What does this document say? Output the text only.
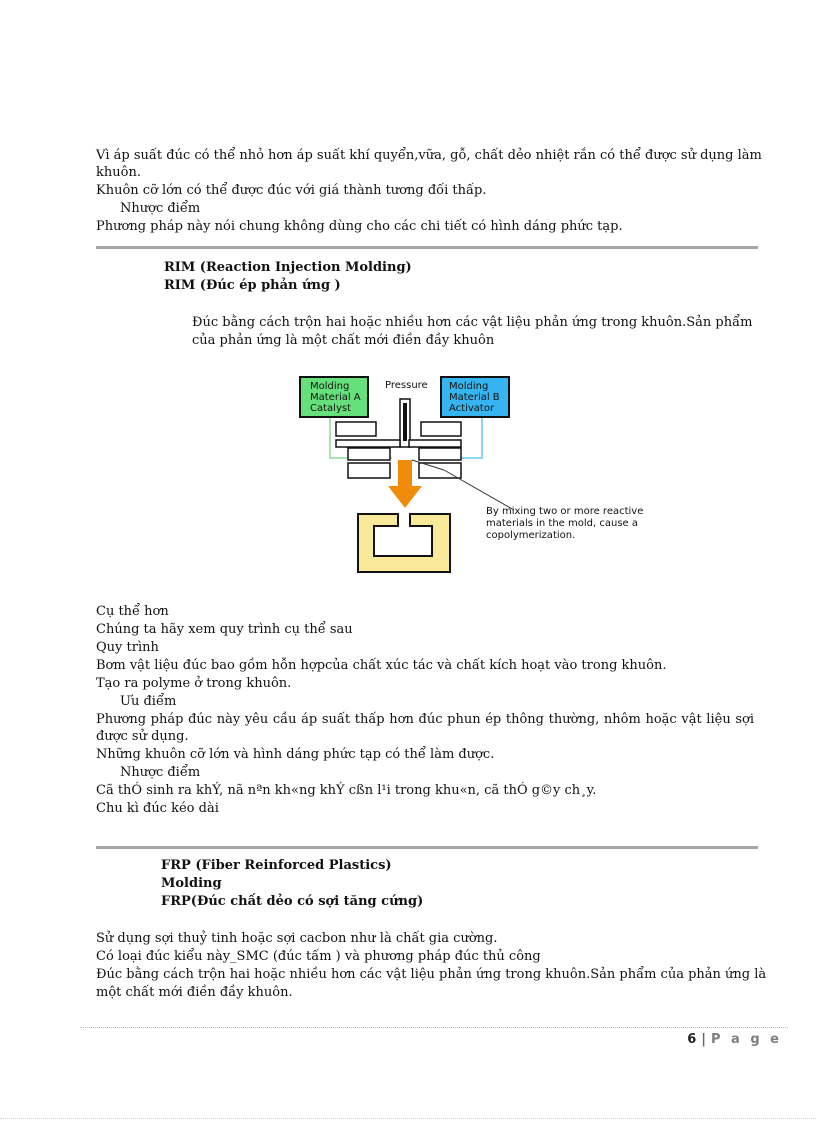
Vì áp suất đúc có thể nhỏ hơn áp suất khí quyển,vữa, gỗ, chất dẻo nhiệt rắn có thể được sử dụng làm
khuôn.
Khuôn cỡ lớn có thể được đúc với giá thành tương đối thấp.
Nhược điểm
Phương pháp này nói chung không dùng cho các chi tiết có hình dáng phức tạp.
RIM (Reaction Injection Molding)
RIM (Đúc ép phản ứng )
Đúc bằng cách trộn hai hoặc nhiều hơn các vật liệu phản ứng trong khuôn.Sản phẩm
của phản ứng là một chất mới điền đầy khuôn
Molding
Material A
Catalyst
Pressure Molding
Material B
Activator
By mixing two or more reactive
materials in the mold, cause a
copolymerization.
Cụ thể hơn
Chúng ta hãy xem quy trình cụ thể sau
Quy trình
Bơm vật liệu đúc bao gồm hỗn hợpcủa chất xúc tác và chất kích hoạt vào trong khuôn.
Tạo ra polyme ở trong khuôn.
Ưu điểm
Phương pháp đúc này yêu cầu áp suất thấp hơn đúc phun ép thông thường, nhôm hoặc vật liệu sợi
được sử dụng.
Những khuôn cỡ lớn và hình dáng phức tạp có thể làm được.
Nhược điểm
Cã thÓ sinh ra khÝ, nã nªn kh«ng khÝ cßn l¹i trong khu«n, cã thÓ g©y ch¸y.
Chu kì đúc kéo dài
FRP (Fiber Reinforced Plastics)
Molding
FRP(Đúc chất dẻo có sợi tăng cứng)
Sử dụng sợi thuỷ tinh hoặc sợi cacbon như là chất gia cường.
Có loại đúc kiểu này_SMC (đúc tấm ) và phương pháp đúc thủ công
Đúc bằng cách trộn hai hoặc nhiều hơn các vật liệu phản ứng trong khuôn.Sản phẩm của phản ứng là
một chất mới điền đầy khuôn.
6 | P a g e
